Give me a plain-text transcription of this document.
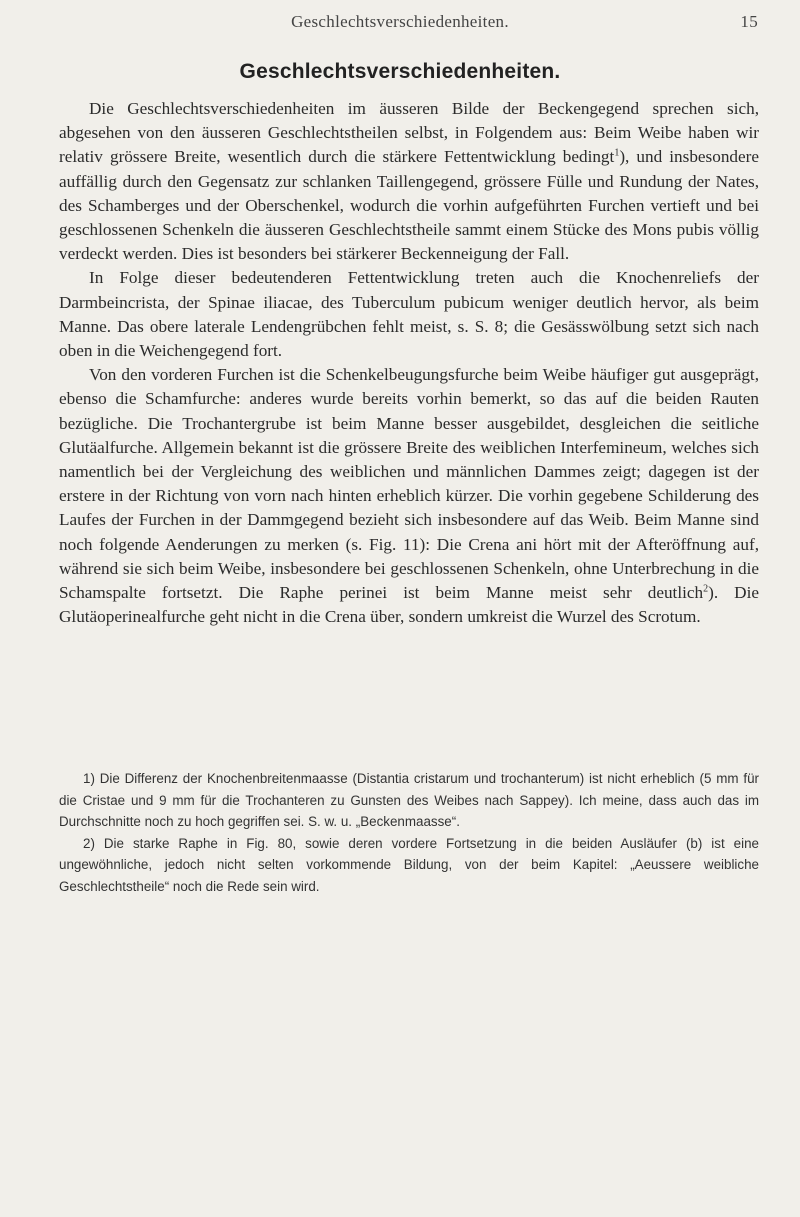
Geschlechtsverschiedenheiten.	15
Geschlechtsverschiedenheiten.

Die Geschlechtsverschiedenheiten im äusseren Bilde der Beckengegend sprechen sich, abgesehen von den äusseren Geschlechtstheilen selbst, in Folgendem aus: Beim Weibe haben wir relativ grössere Breite, wesentlich durch die stärkere Fettentwicklung bedingt$^1$), und insbesondere auffällig durch den Gegensatz zur schlanken Taillengegend, grössere Fülle und Rundung der Nates, des Schamberges und der Oberschenkel, wodurch die vorhin aufgeführten Furchen vertieft und bei geschlossenen Schenkeln die äusseren Geschlechtstheile sammt einem Stücke des Mons pubis völlig verdeckt werden. Dies ist besonders bei stärkerer Beckenneigung der Fall.

In Folge dieser bedeutenderen Fettentwicklung treten auch die Knochenreliefs der Darmbeincrista, der Spinae iliacae, des Tuberculum pubicum weniger deutlich hervor, als beim Manne. Das obere laterale Lendengrübchen fehlt meist, s. S. 8; die Gesässwölbung setzt sich nach oben in die Weichengegend fort.

Von den vorderen Furchen ist die Schenkelbeugungsfurche beim Weibe häufiger gut ausgeprägt, ebenso die Schamfurche: anderes wurde bereits vorhin bemerkt, so das auf die beiden Rauten bezügliche. Die Trochantergrube ist beim Manne besser ausgebildet, desgleichen die seitliche Glutäalfurche. Allgemein bekannt ist die grössere Breite des weiblichen Interfemineum, welches sich namentlich bei der Vergleichung des weiblichen und männlichen Dammes zeigt; dagegen ist der erstere in der Richtung von vorn nach hinten erheblich kürzer. Die vorhin gegebene Schilderung des Laufes der Furchen in der Dammgegend bezieht sich insbesondere auf das Weib. Beim Manne sind noch folgende Aenderungen zu merken (s. Fig. 11): Die Crena ani hört mit der Afteröffnung auf, während sie sich beim Weibe, insbesondere bei geschlossenen Schenkeln, ohne Unterbrechung in die Schamspalte fortsetzt. Die Raphe perinei ist beim Manne meist sehr deutlich$^2$). Die Glutäoperinealfurche geht nicht in die Crena über, sondern umkreist die Wurzel des Scrotum.

1) Die Differenz der Knochenbreitenmaasse (Distantia cristarum und trochanterum) ist nicht erheblich (5 mm für die Cristae und 9 mm für die Trochanteren zu Gunsten des Weibes nach Sappey). Ich meine, dass auch das im Durchschnitte noch zu hoch gegriffen sei. S. w. u. „Beckenmaasse“.

2) Die starke Raphe in Fig. 80, sowie deren vordere Fortsetzung in die beiden Ausläufer (b) ist eine ungewöhnliche, jedoch nicht selten vorkommende Bildung, von der beim Kapitel: „Aeussere weibliche Geschlechtstheile“ noch die Rede sein wird.
